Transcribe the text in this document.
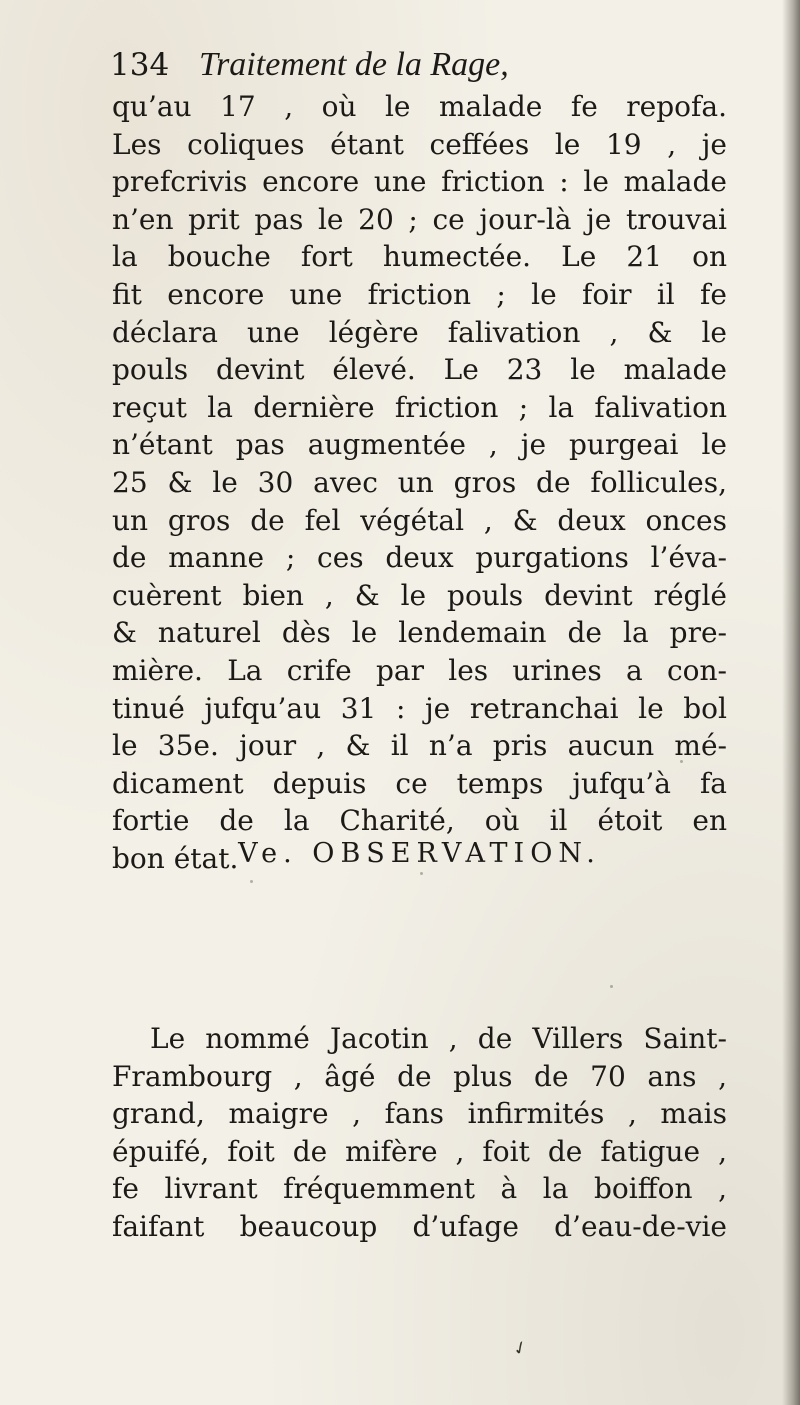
134 Traitement de la Rage,
qu’au 17 , où le malade fe repofa.
Les coliques étant ceffées le 19 , je
prefcrivis encore une friction : le malade
n’en prit pas le 20 ; ce jour-là je trouvai
la bouche fort humectée. Le 21 on
fit encore une friction ; le foir il fe
déclara une légère falivation , & le
pouls devint élevé. Le 23 le malade
reçut la dernière friction ; la falivation
n’étant pas augmentée , je purgeai le
25 & le 30 avec un gros de follicules,
un gros de fel végétal , & deux onces
de manne ; ces deux purgations l’éva-
cuèrent bien , & le pouls devint réglé
& naturel dès le lendemain de la pre-
mière. La crife par les urines a con-
tinué jufqu’au 31 : je retranchai le bol
le 35e. jour , & il n’a pris aucun mé-
dicament depuis ce temps jufqu’à fa
fortie de la Charité, où il étoit en
bon état. Ve. OBSERVATION.
Le nommé Jacotin , de Villers Saint-
Frambourg , âgé de plus de 70 ans ,
grand, maigre , fans infirmités , mais
épuifé, foit de mifère , foit de fatigue ,
fe livrant fréquemment à la boiffon ,
faifant beaucoup d’ufage d’eau-de-vie
✓
